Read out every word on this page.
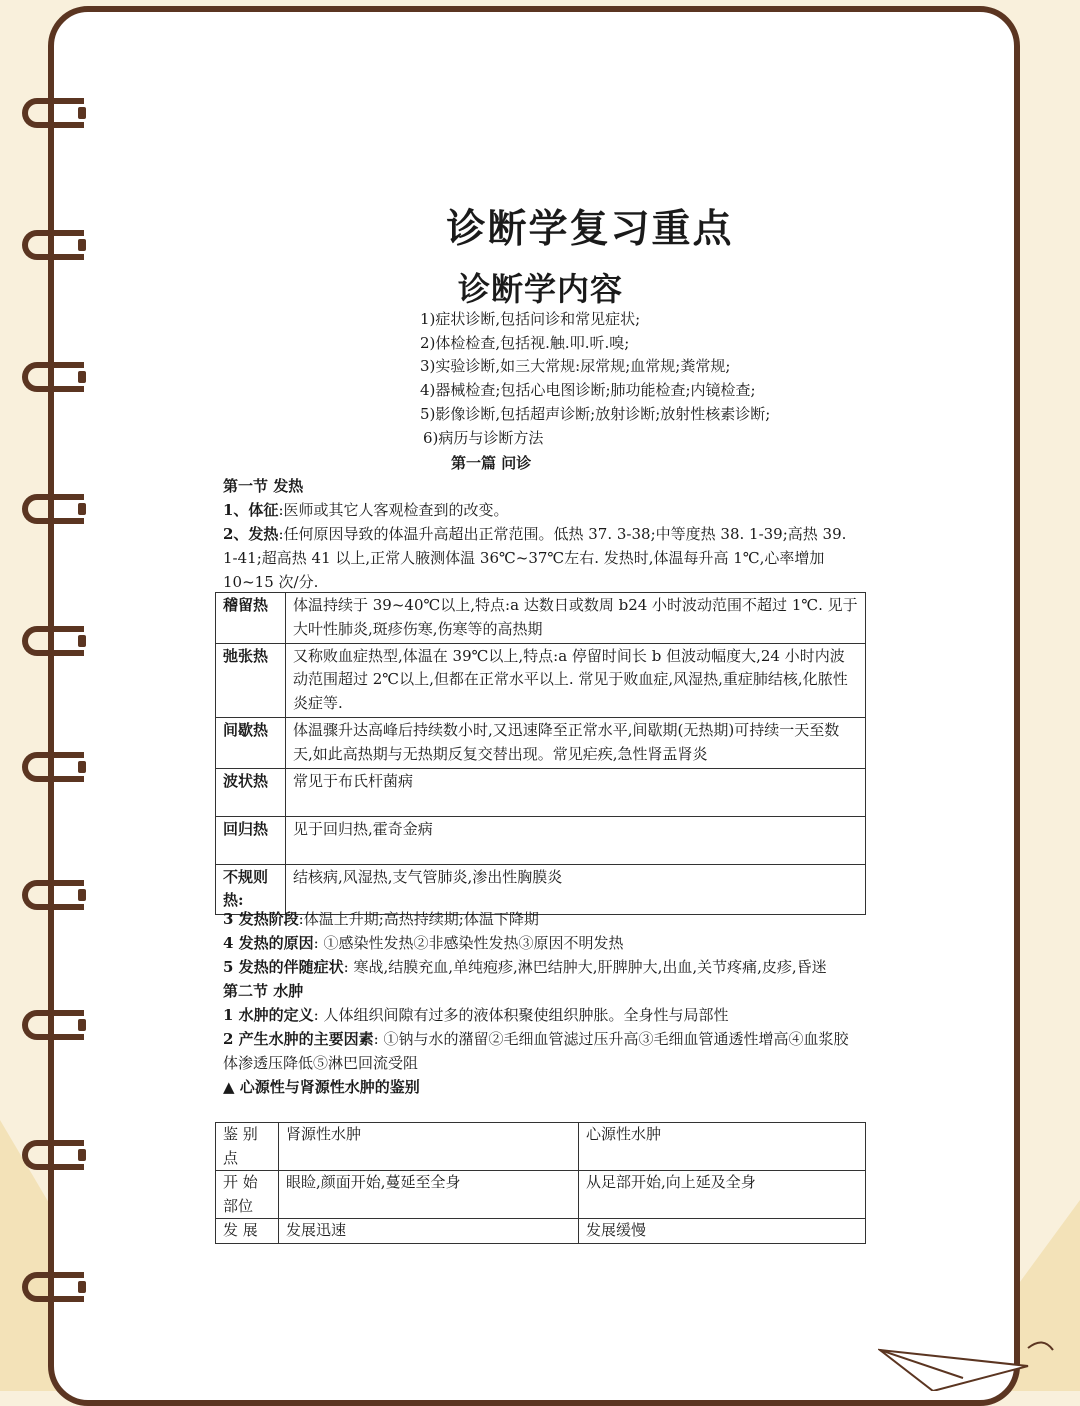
诊断学复习重点
诊断学内容
1)症状诊断,包括问诊和常见症状;
2)体检检查,包括视.触.叩.听.嗅;
3)实验诊断,如三大常规:尿常规;血常规;粪常规;
4)器械检查;包括心电图诊断;肺功能检查;内镜检查;
5)影像诊断,包括超声诊断;放射诊断;放射性核素诊断;
6)病历与诊断方法
第一篇 问诊
第一节 发热
1、体征:医师或其它人客观检查到的改变。
2、发热:任何原因导致的体温升高超出正常范围。低热 37. 3-38;中等度热 38. 1-39;高热 39. 1-41;超高热 41 以上,正常人腋测体温 36℃~37℃左右. 发热时,体温每升高 1℃,心率增加 10~15 次/分.
稽留热	体温持续于 39~40℃以上,特点:a 达数日或数周 b24 小时波动范围不超过 1℃. 见于大叶性肺炎,斑疹伤寒,伤寒等的高热期
弛张热	又称败血症热型,体温在 39℃以上,特点:a 停留时间长 b 但波动幅度大,24 小时内波动范围超过 2℃以上,但都在正常水平以上. 常见于败血症,风湿热,重症肺结核,化脓性炎症等.
间歇热	体温骤升达高峰后持续数小时,又迅速降至正常水平,间歇期(无热期)可持续一天至数天,如此高热期与无热期反复交替出现。常见疟疾,急性肾盂肾炎
波状热	常见于布氏杆菌病
回归热	见于回归热,霍奇金病
不规则热:	结核病,风湿热,支气管肺炎,渗出性胸膜炎
3 发热阶段:体温上升期;高热持续期;体温下降期
4 发热的原因: ①感染性发热②非感染性发热③原因不明发热
5 发热的伴随症状: 寒战,结膜充血,单纯疱疹,淋巴结肿大,肝脾肿大,出血,关节疼痛,皮疹,昏迷
第二节 水肿
1 水肿的定义: 人体组织间隙有过多的液体积聚使组织肿胀。全身性与局部性
2 产生水肿的主要因素: ①钠与水的潴留②毛细血管滤过压升高③毛细血管通透性增高④血浆胶体渗透压降低⑤淋巴回流受阻
▲ 心源性与肾源性水肿的鉴别
鉴 别 点	肾源性水肿	心源性水肿
开 始 部位	眼睑,颜面开始,蔓延至全身	从足部开始,向上延及全身
发 展	发展迅速	发展缓慢
